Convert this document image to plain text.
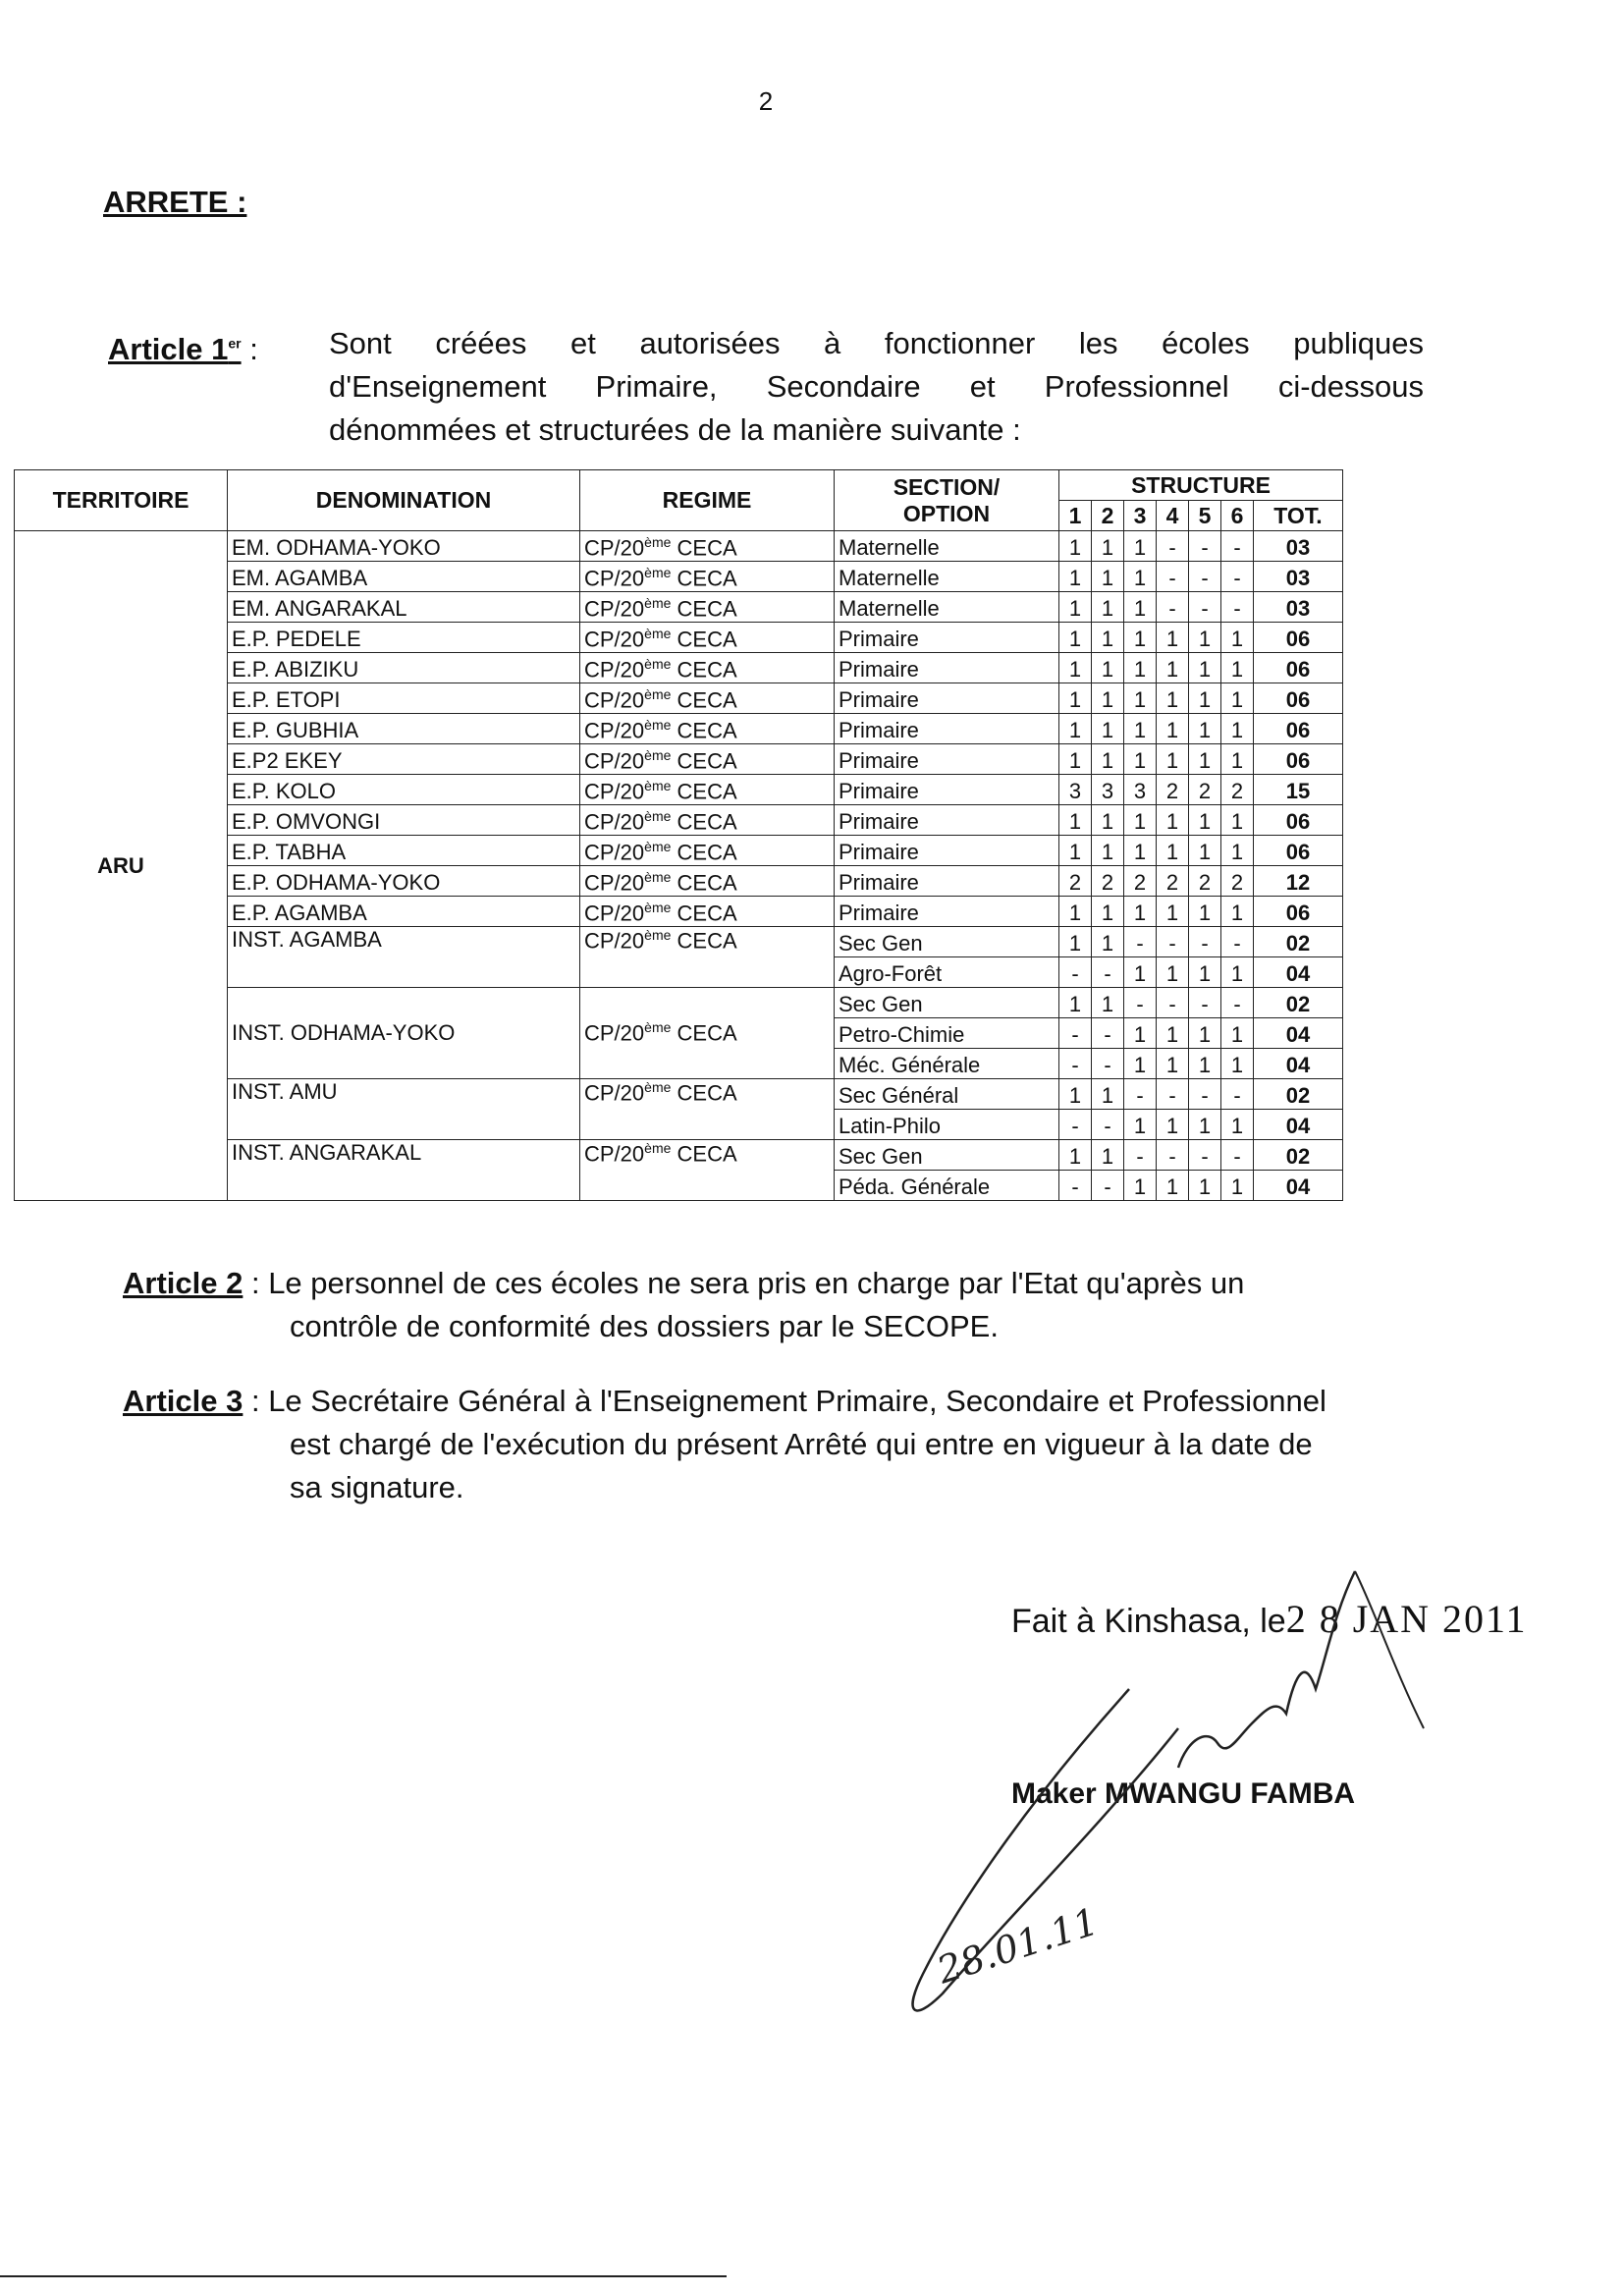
2
ARRETE :
Article 1er : Sont créées et autorisées à fonctionner les écoles publiques
d'Enseignement Primaire, Secondaire et Professionnel ci-dessous
dénommées et structurées de la manière suivante :
TERRITOIRE	DENOMINATION	REGIME	SECTION/
OPTION	STRUCTURE						
				1	2	3	4	5	6	TOT.
ARU	EM. ODHAMA-YOKO	CP/20ème CECA	Maternelle	1	1	1	-	-	-	03
	EM. AGAMBA	CP/20ème CECA	Maternelle	1	1	1	-	-	-	03
	EM. ANGARAKAL	CP/20ème CECA	Maternelle	1	1	1	-	-	-	03
	E.P. PEDELE	CP/20ème CECA	Primaire	1	1	1	1	1	1	06
	E.P. ABIZIKU	CP/20ème CECA	Primaire	1	1	1	1	1	1	06
	E.P. ETOPI	CP/20ème CECA	Primaire	1	1	1	1	1	1	06
	E.P. GUBHIA	CP/20ème CECA	Primaire	1	1	1	1	1	1	06
	E.P2 EKEY	CP/20ème CECA	Primaire	1	1	1	1	1	1	06
	E.P. KOLO	CP/20ème CECA	Primaire	3	3	3	2	2	2	15
	E.P. OMVONGI	CP/20ème CECA	Primaire	1	1	1	1	1	1	06
	E.P. TABHA	CP/20ème CECA	Primaire	1	1	1	1	1	1	06
	E.P. ODHAMA-YOKO	CP/20ème CECA	Primaire	2	2	2	2	2	2	12
	E.P. AGAMBA	CP/20ème CECA	Primaire	1	1	1	1	1	1	06
	INST. AGAMBA	CP/20ème CECA	Sec Gen	1	1	-	-	-	-	02
			Agro-Forêt	-	-	1	1	1	1	04
	INST. ODHAMA-YOKO	CP/20ème CECA	Sec Gen	1	1	-	-	-	-	02
			Petro-Chimie	-	-	1	1	1	1	04
			Méc. Générale	-	-	1	1	1	1	04
	INST. AMU	CP/20ème CECA	Sec Général	1	1	-	-	-	-	02
			Latin-Philo	-	-	1	1	1	1	04
	INST. ANGARAKAL	CP/20ème CECA	Sec Gen	1	1	-	-	-	-	02
			Péda. Générale	-	-	1	1	1	1	04
Article 2 : Le personnel de ces écoles ne sera pris en charge par l'Etat qu'après un
contrôle de conformité des dossiers par le SECOPE.
Article 3 : Le Secrétaire Général à l'Enseignement Primaire, Secondaire et Professionnel
est chargé de l'exécution du présent Arrêté qui entre en vigueur à la date de
sa signature.
Fait à Kinshasa, le2 8 JAN 2011
Maker MWANGU FAMBA
28.01.11
